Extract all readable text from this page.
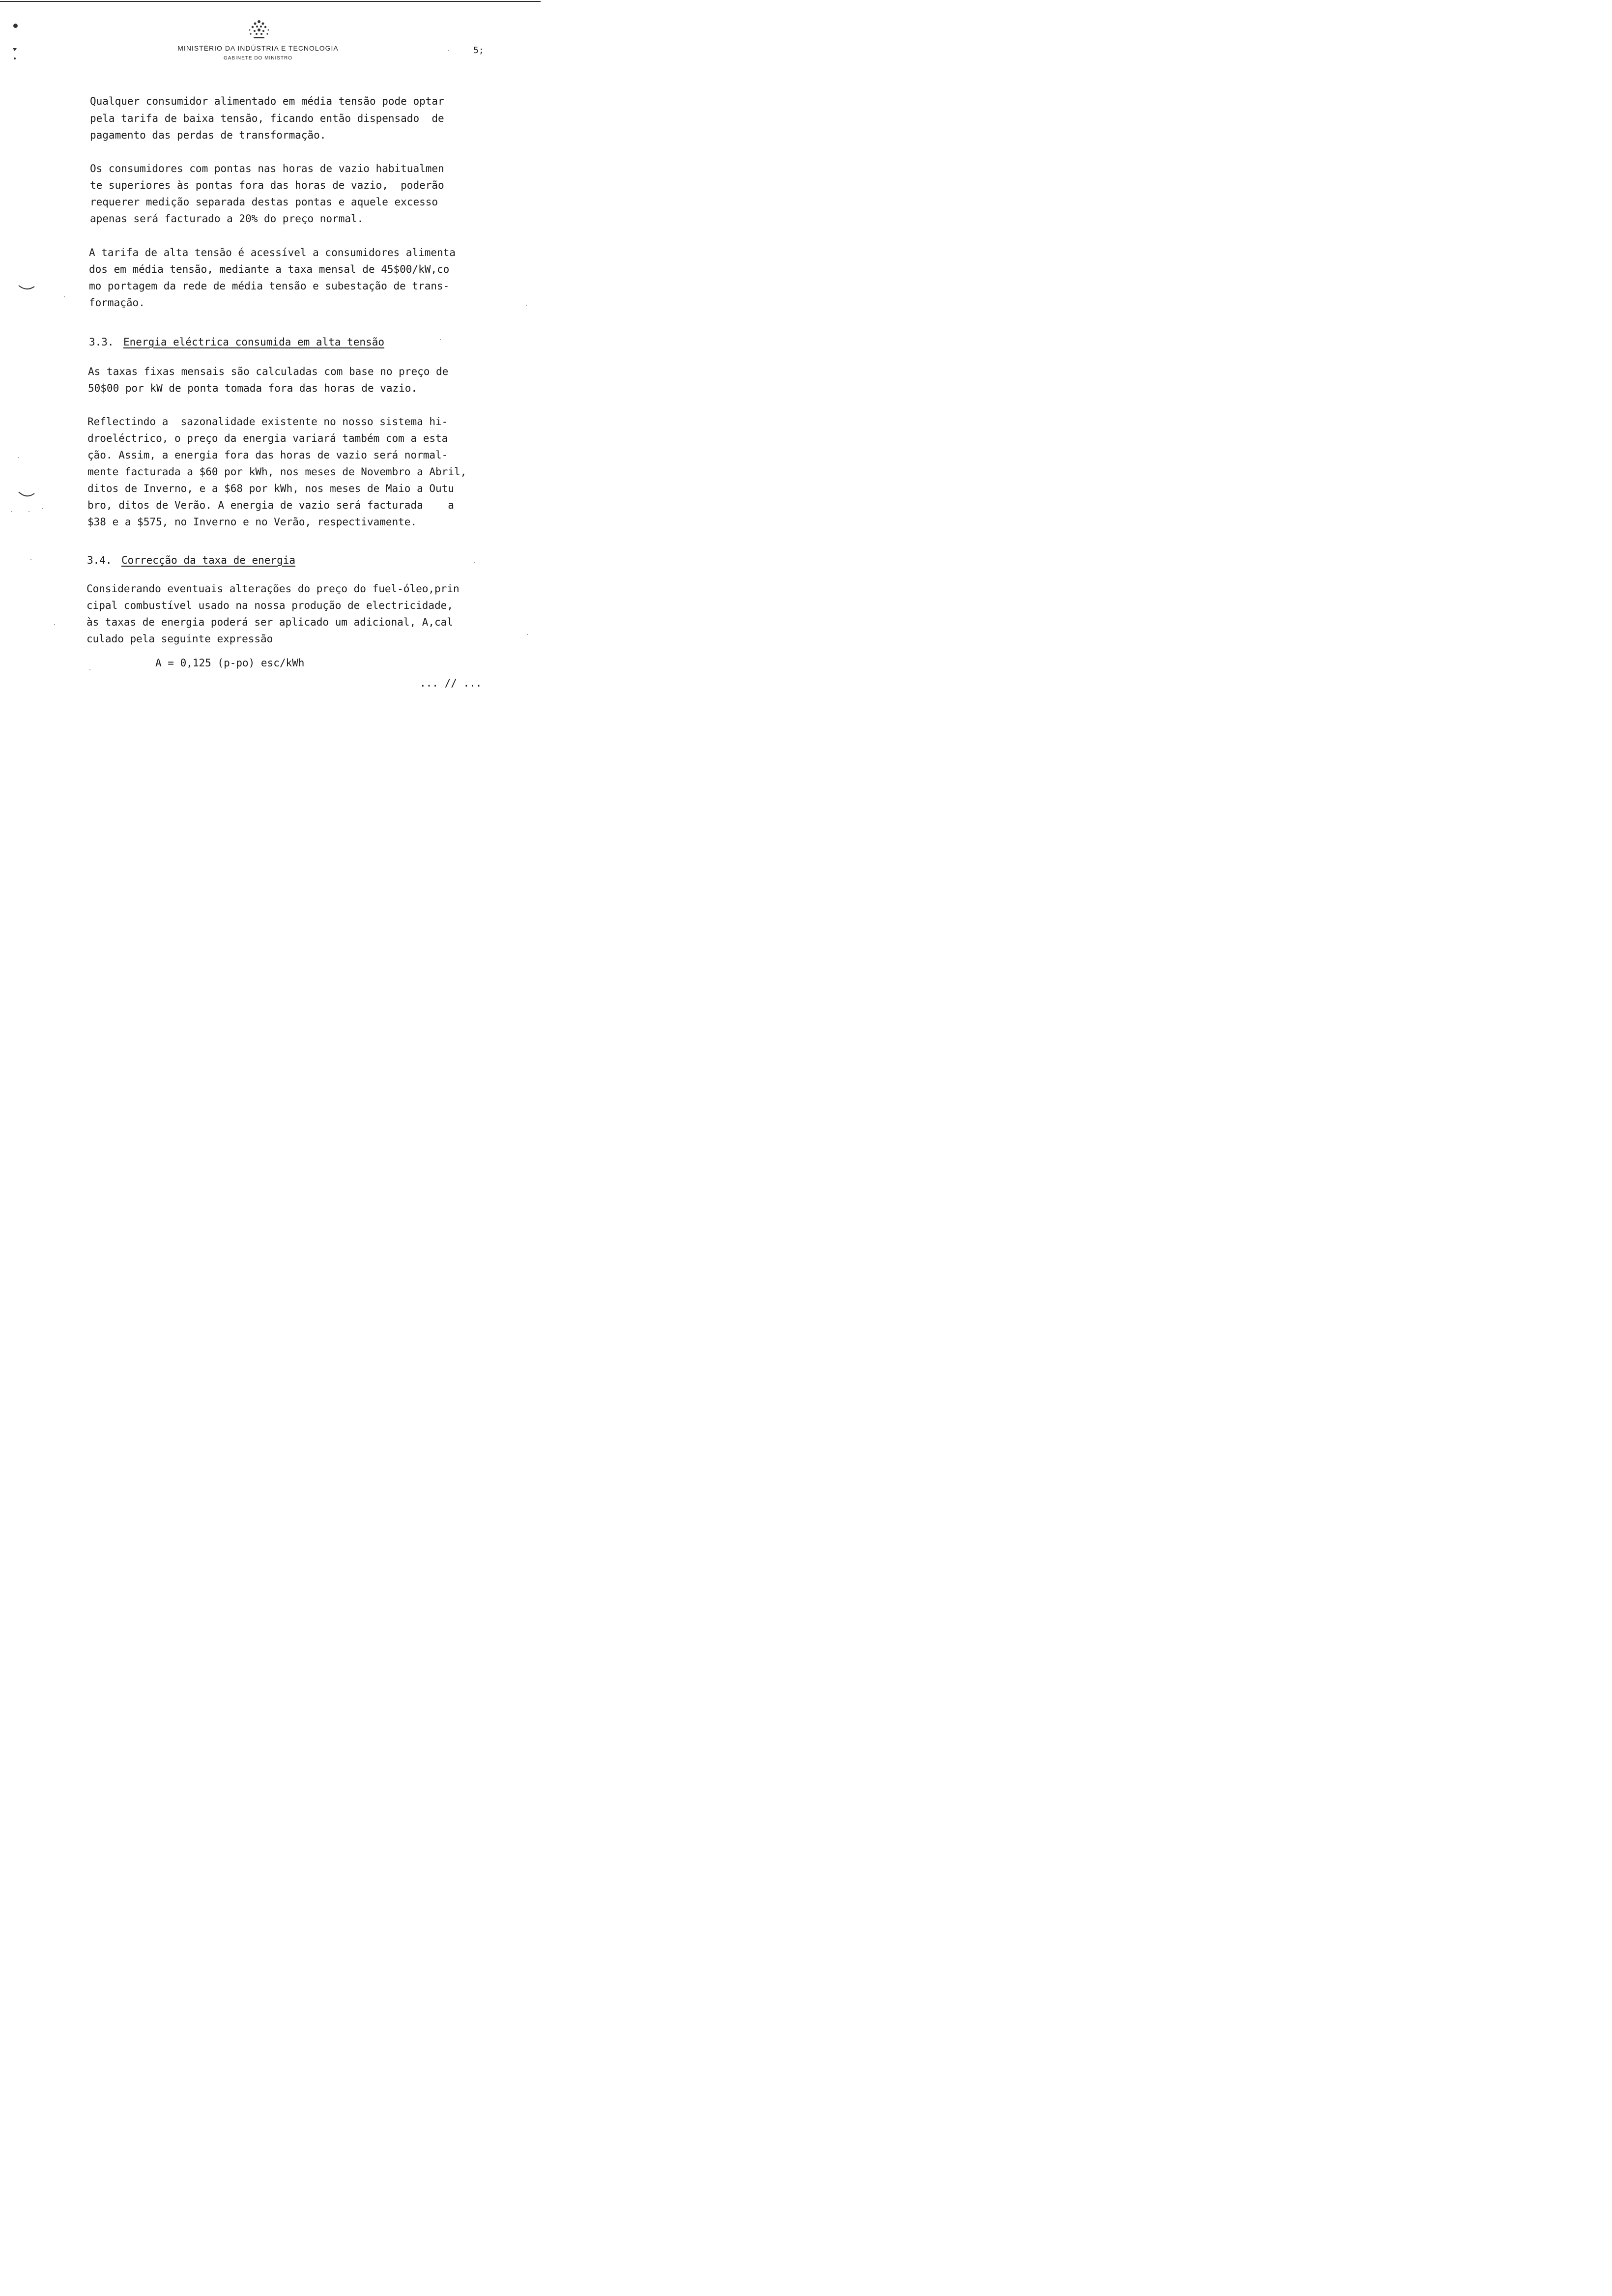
MINISTÉRIO DA INDÚSTRIA E TECNOLOGIA
GABINETE DO MINISTRO
5;
Qualquer consumidor alimentado em média tensão pode optar
pela tarifa de baixa tensão, ficando então dispensado  de
pagamento das perdas de transformação.
Os consumidores com pontas nas horas de vazio habitualmen
te superiores às pontas fora das horas de vazio,  poderão
requerer medição separada destas pontas e aquele excesso
apenas será facturado a 20% do preço normal.
A tarifa de alta tensão é acessível a consumidores alimenta
dos em média tensão, mediante a taxa mensal de 45$00/kW,co
mo portagem da rede de média tensão e subestação de trans-
formação.
3.3. Energia eléctrica consumida em alta tensão
As taxas fixas mensais são calculadas com base no preço de
50$00 por kW de ponta tomada fora das horas de vazio.
Reflectindo a  sazonalidade existente no nosso sistema hi-
droeléctrico, o preço da energia variará também com a esta
ção. Assim, a energia fora das horas de vazio será normal-
mente facturada a $60 por kWh, nos meses de Novembro a Abril,
ditos de Inverno, e a $68 por kWh, nos meses de Maio a Outu
bro, ditos de Verão. A energia de vazio será facturada    a
$38 e a $575, no Inverno e no Verão, respectivamente.
3.4. Correcção da taxa de energia
Considerando eventuais alterações do preço do fuel-óleo,prin
cipal combustível usado na nossa produção de electricidade,
às taxas de energia poderá ser aplicado um adicional, A,cal
culado pela seguinte expressão
A = 0,125 (p-po) esc/kWh
... // ...
